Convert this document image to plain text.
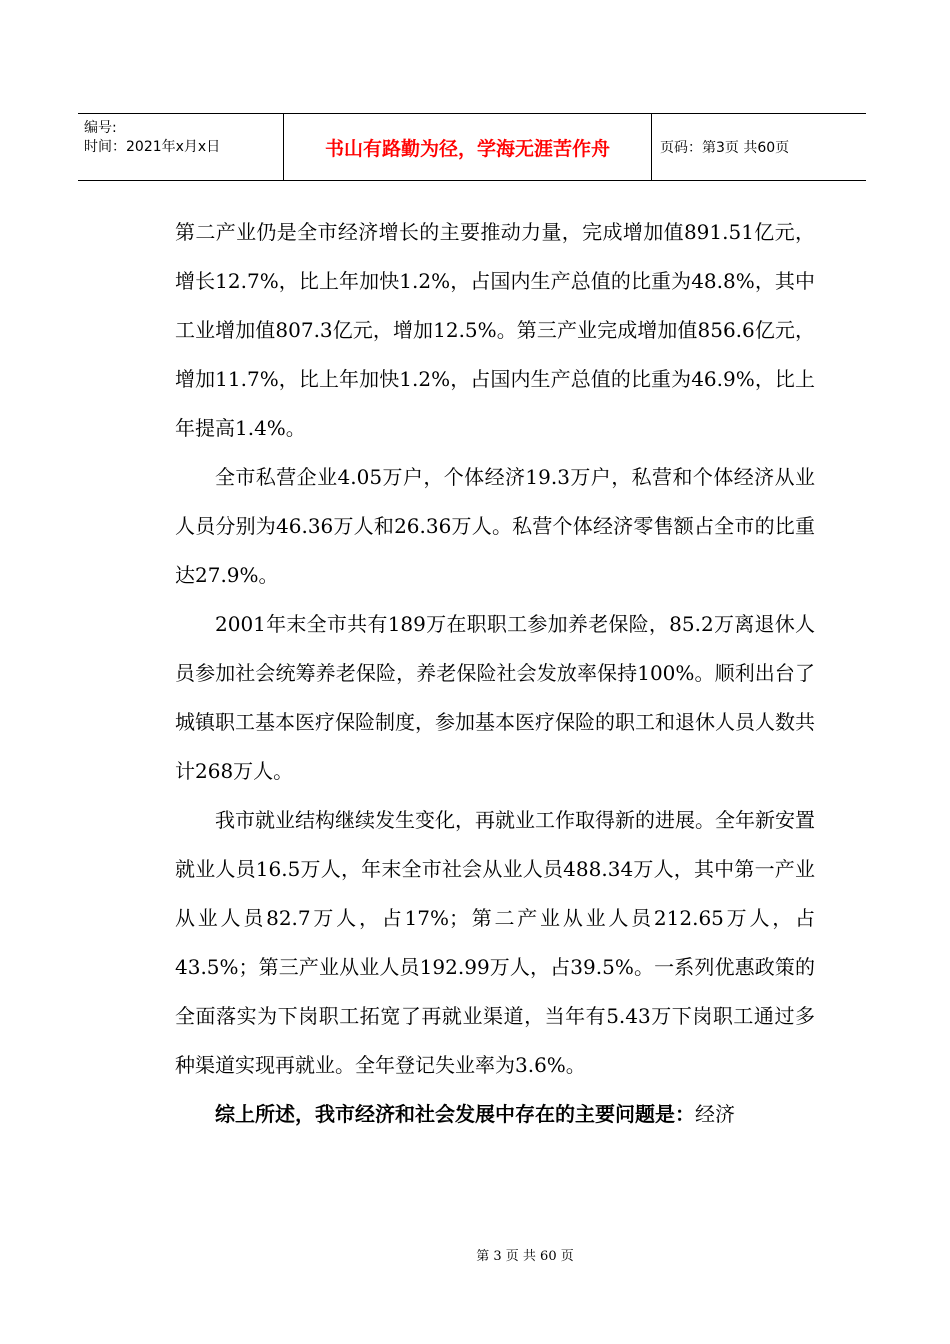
编号:
时间：2021年x月x日	书山有路勤为径，学海无涯苦作舟	页码：第3页 共60页

第二产业仍是全市经济增长的主要推动力量，完成增加值891.51亿元，增长12.7%，比上年加快1.2%，占国内生产总值的比重为48.8%，其中工业增加值807.3亿元，增加12.5%。第三产业完成增加值856.6亿元，增加11.7%，比上年加快1.2%，占国内生产总值的比重为46.9%，比上年提高1.4%。

全市私营企业4.05万户，个体经济19.3万户，私营和个体经济从业人员分别为46.36万人和26.36万人。私营个体经济零售额占全市的比重达27.9%。

2001年末全市共有189万在职职工参加养老保险，85.2万离退休人员参加社会统筹养老保险，养老保险社会发放率保持100%。顺利出台了城镇职工基本医疗保险制度，参加基本医疗保险的职工和退休人员人数共计268万人。

我市就业结构继续发生变化，再就业工作取得新的进展。全年新安置就业人员16.5万人，年末全市社会从业人员488.34万人，其中第一产业从业人员82.7万人，占17%；第二产业从业人员212.65万人，占43.5%；第三产业从业人员192.99万人，占39.5%。一系列优惠政策的全面落实为下岗职工拓宽了再就业渠道，当年有5.43万下岗职工通过多种渠道实现再就业。全年登记失业率为3.6%。

综上所述，我市经济和社会发展中存在的主要问题是：经济

第 3 页 共 60 页
